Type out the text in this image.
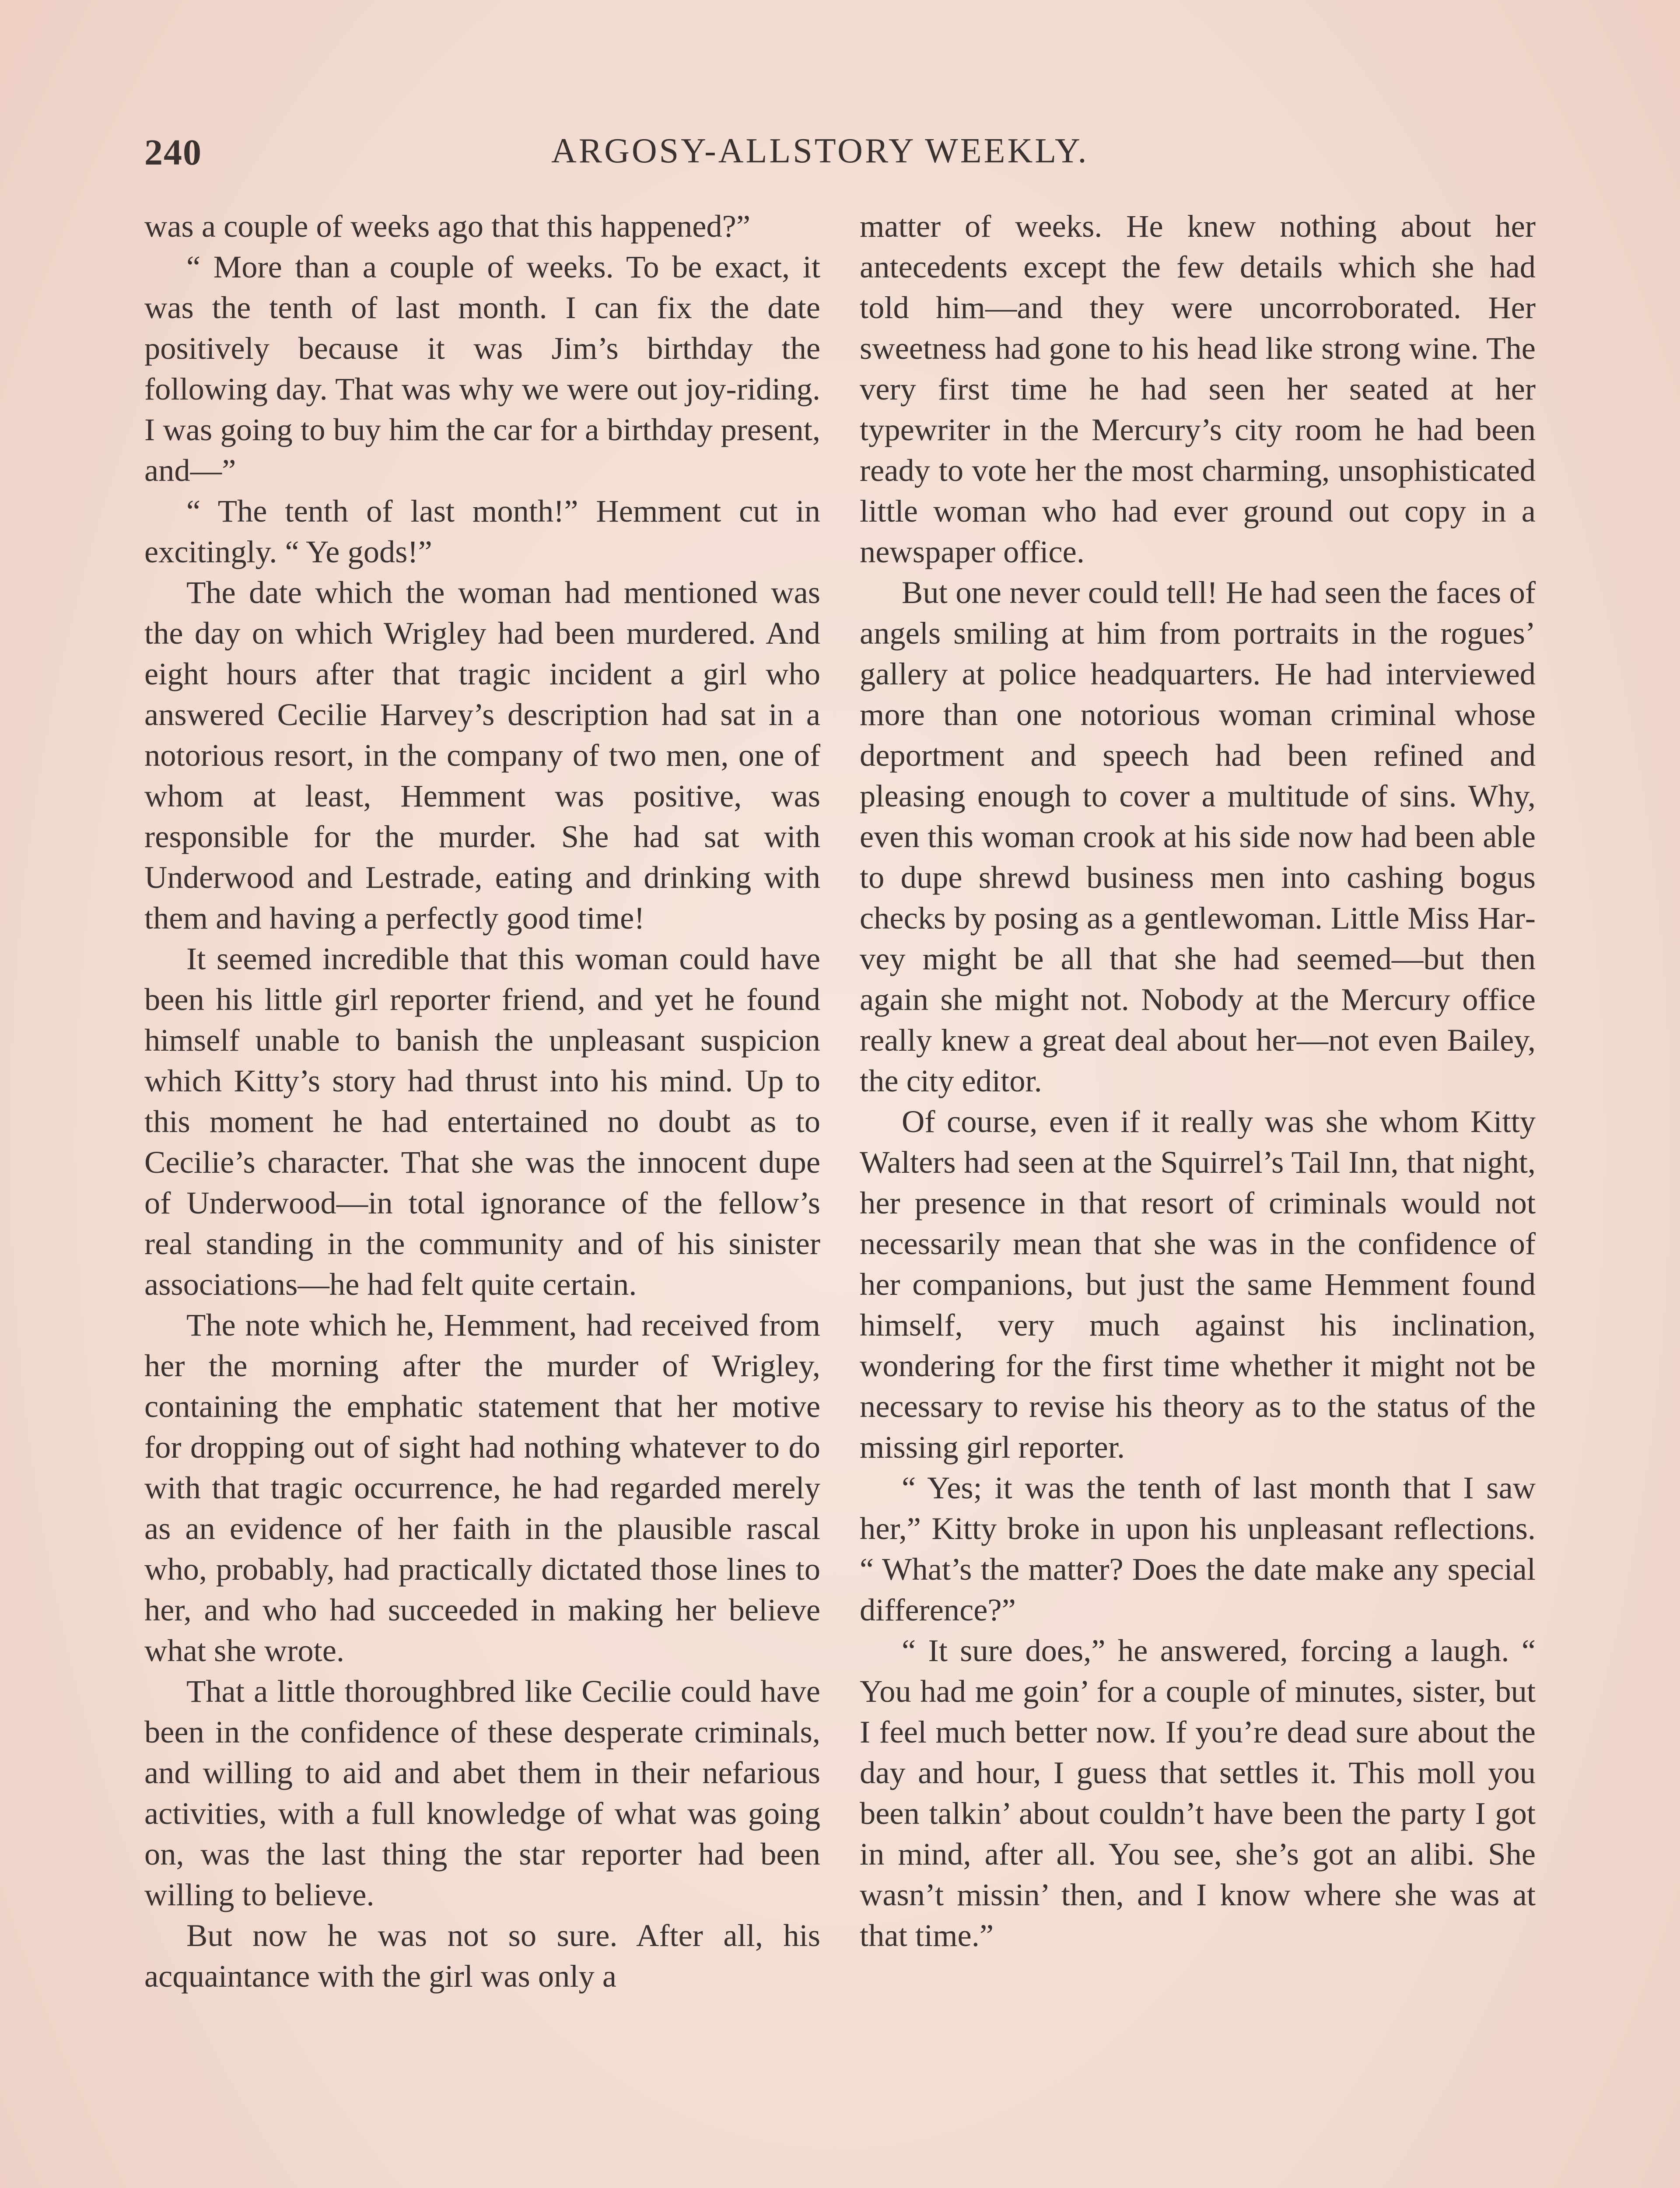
240	ARGOSY-ALLSTORY WEEKLY.

was a couple of weeks ago that this happened?”

“ More than a couple of weeks. To be exact, it was the tenth of last month. I can fix the date positively because it was Jim’s birthday the following day. That was why we were out joy-riding. I was going to buy him the car for a birthday present, and—”

“ The tenth of last month!” Hemment cut in excitingly. “ Ye gods!”

The date which the woman had mentioned was the day on which Wrigley had been murdered. And eight hours after that tragic incident a girl who answered Cecilie Harvey’s description had sat in a notorious resort, in the company of two men, one of whom at least, Hemment was positive, was responsible for the murder. She had sat with Underwood and Lestrade, eating and drinking with them and having a perfectly good time!

It seemed incredible that this woman could have been his little girl reporter friend, and yet he found himself unable to banish the unpleasant suspicion which Kitty’s story had thrust into his mind. Up to this moment he had entertained no doubt as to Cecilie’s character. That she was the innocent dupe of Underwood—in total ignorance of the fellow’s real standing in the community and of his sinister associations—he had felt quite certain.

The note which he, Hemment, had received from her the morning after the murder of Wrigley, containing the emphatic statement that her motive for dropping out of sight had nothing whatever to do with that tragic occurrence, he had regarded merely as an evidence of her faith in the plausible rascal who, probably, had practically dictated those lines to her, and who had succeeded in making her believe what she wrote.

That a little thoroughbred like Cecilie could have been in the confidence of these desperate criminals, and willing to aid and abet them in their nefarious activities, with a full knowledge of what was going on, was the last thing the star reporter had been willing to believe.

But now he was not so sure. After all, his acquaintance with the girl was only a

matter of weeks. He knew nothing about her antecedents except the few details which she had told him—and they were uncorroborated. Her sweetness had gone to his head like strong wine. The very first time he had seen her seated at her typewriter in the Mercury’s city room he had been ready to vote her the most charming, unsophisticated little woman who had ever ground out copy in a newspaper office.

But one never could tell! He had seen the faces of angels smiling at him from portraits in the rogues’ gallery at police headquarters. He had interviewed more than one notorious woman criminal whose deportment and speech had been refined and pleasing enough to cover a multitude of sins. Why, even this woman crook at his side now had been able to dupe shrewd business men into cashing bogus checks by posing as a gentlewoman. Little Miss Harvey might be all that she had seemed—but then again she might not. Nobody at the Mercury office really knew a great deal about her—not even Bailey, the city editor.

Of course, even if it really was she whom Kitty Walters had seen at the Squirrel’s Tail Inn, that night, her presence in that resort of criminals would not necessarily mean that she was in the confidence of her companions, but just the same Hemment found himself, very much against his inclination, wondering for the first time whether it might not be necessary to revise his theory as to the status of the missing girl reporter.

“ Yes; it was the tenth of last month that I saw her,” Kitty broke in upon his unpleasant reflections. “ What’s the matter? Does the date make any special difference?”

“ It sure does,” he answered, forcing a laugh. “ You had me goin’ for a couple of minutes, sister, but I feel much better now. If you’re dead sure about the day and hour, I guess that settles it. This moll you been talkin’ about couldn’t have been the party I got in mind, after all. You see, she’s got an alibi. She wasn’t missin’ then, and I know where she was at that time.”
